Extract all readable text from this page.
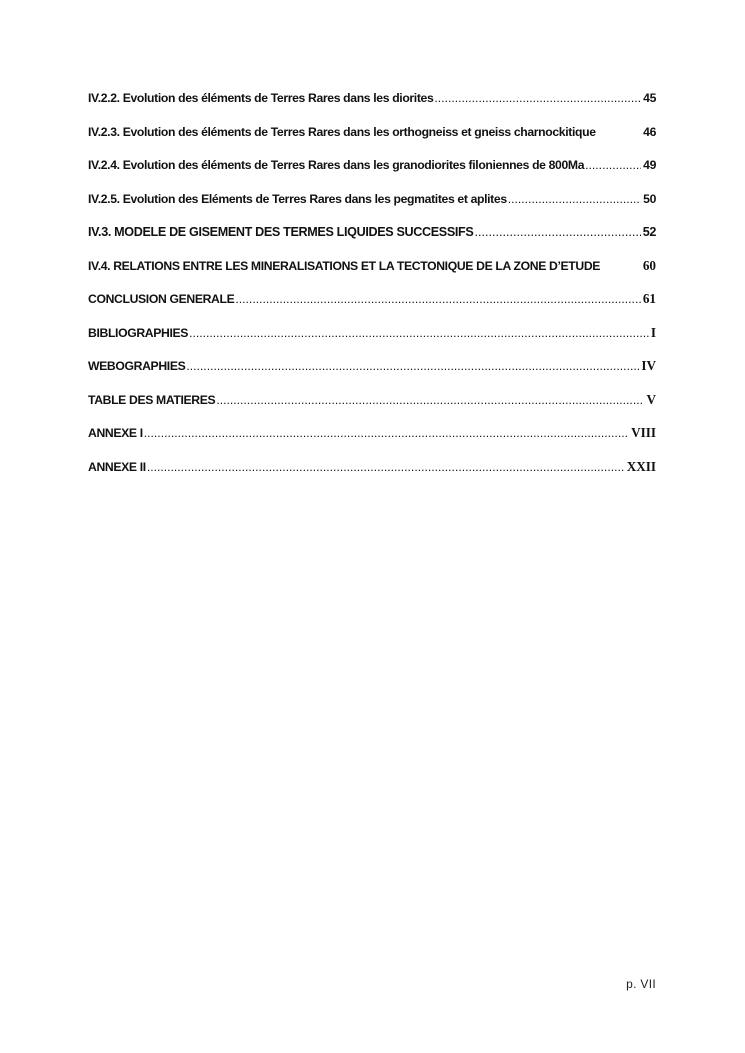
IV.2.2. Evolution des éléments de Terres Rares dans les diorites .....	45
IV.2.3. Evolution des éléments de Terres Rares dans les orthogneiss et gneiss charnockitique	46
IV.2.4. Evolution des éléments de Terres Rares dans les granodiorites filoniennes de 800Ma .....	49
IV.2.5. Evolution des Eléments de Terres Rares dans les pegmatites et aplites .....	50
IV.3. MODELE DE GISEMENT DES TERMES LIQUIDES SUCCESSIFS .....	52
IV.4. RELATIONS ENTRE LES MINERALISATIONS ET LA TECTONIQUE DE LA ZONE D’ETUDE	60
CONCLUSION GENERALE .....	61
BIBLIOGRAPHIES .....	I
WEBOGRAPHIES .....	IV
TABLE DES MATIERES .....	V
ANNEXE I .....	VIII
ANNEXE II .....	XXII
p. VII
